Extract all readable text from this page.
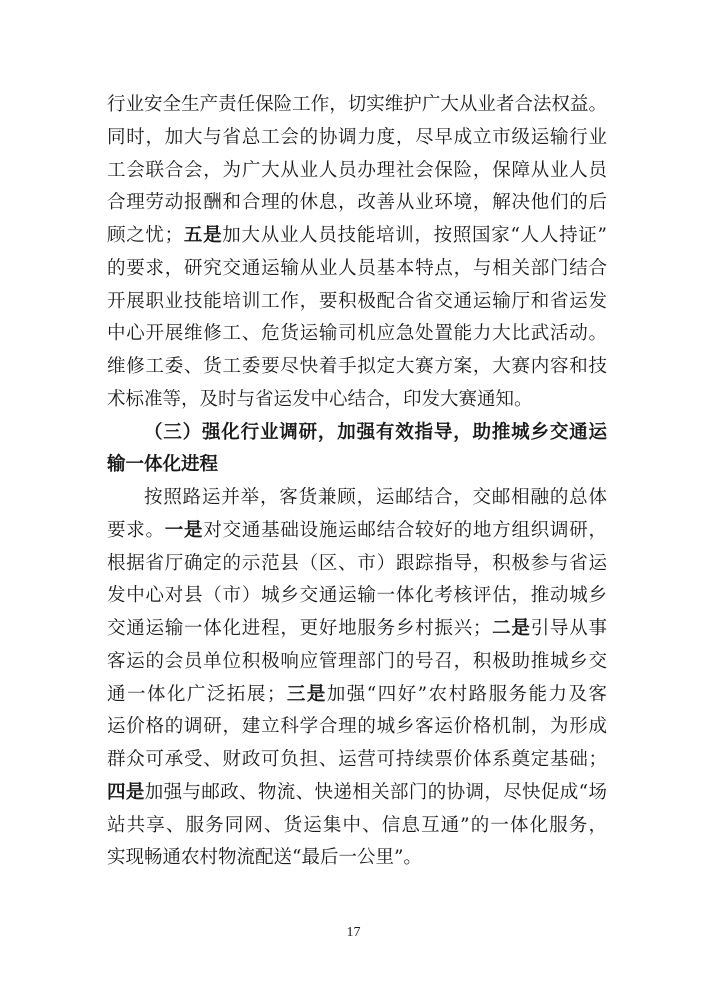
行业安全生产责任保险工作，切实维护广大从业者合法权益。
同时，加大与省总工会的协调力度，尽早成立市级运输行业
工会联合会，为广大从业人员办理社会保险，保障从业人员
合理劳动报酬和合理的休息，改善从业环境，解决他们的后
顾之忧；五是加大从业人员技能培训，按照国家“人人持证”
的要求，研究交通运输从业人员基本特点，与相关部门结合
开展职业技能培训工作，要积极配合省交通运输厅和省运发
中心开展维修工、危货运输司机应急处置能力大比武活动。
维修工委、货工委要尽快着手拟定大赛方案，大赛内容和技
术标准等，及时与省运发中心结合，印发大赛通知。
（三）强化行业调研，加强有效指导，助推城乡交通运
输一体化进程
按照路运并举，客货兼顾，运邮结合，交邮相融的总体
要求。一是对交通基础设施运邮结合较好的地方组织调研，
根据省厅确定的示范县（区、市）跟踪指导，积极参与省运
发中心对县（市）城乡交通运输一体化考核评估，推动城乡
交通运输一体化进程，更好地服务乡村振兴；二是引导从事
客运的会员单位积极响应管理部门的号召，积极助推城乡交
通一体化广泛拓展；三是加强“四好”农村路服务能力及客
运价格的调研，建立科学合理的城乡客运价格机制，为形成
群众可承受、财政可负担、运营可持续票价体系奠定基础；
四是加强与邮政、物流、快递相关部门的协调，尽快促成“场
站共享、服务同网、货运集中、信息互通”的一体化服务，
实现畅通农村物流配送“最后一公里”。
17
